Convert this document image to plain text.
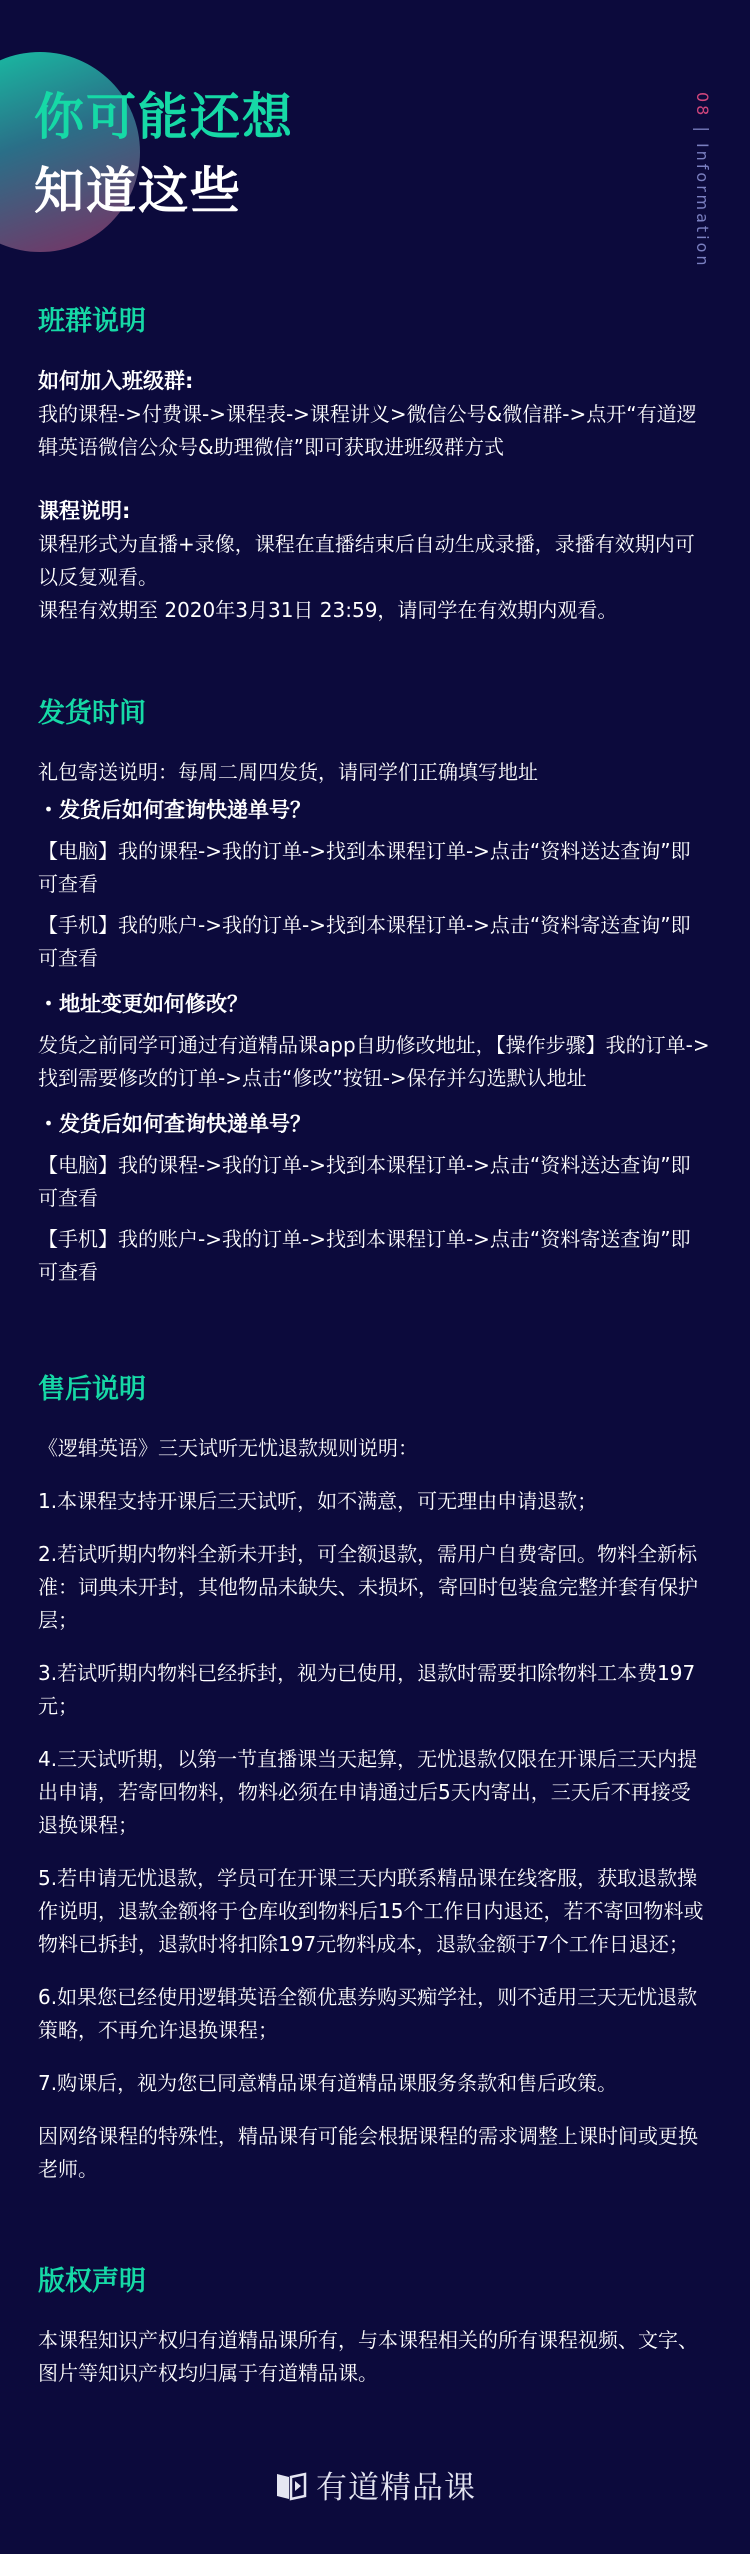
你可能还想
知道这些
08 | Information
班群说明
如何加入班级群:
我的课程->付费课->课程表->课程讲义>微信公号&微信群->点开“有道逻辑英语微信公众号&助理微信”即可获取进班级群方式
课程说明:
课程形式为直播+录像，课程在直播结束后自动生成录播，录播有效期内可以反复观看。
课程有效期至 2020年3月31日 23:59，请同学在有效期内观看。
发货时间
礼包寄送说明：每周二周四发货，请同学们正确填写地址
・发货后如何查询快递单号？
【电脑】我的课程->我的订单->找到本课程订单->点击“资料送达查询”即可查看
【手机】我的账户->我的订单->找到本课程订单->点击“资料寄送查询”即可查看
・地址变更如何修改？
发货之前同学可通过有道精品课app自助修改地址，【操作步骤】我的订单->找到需要修改的订单->点击“修改”按钮->保存并勾选默认地址
・发货后如何查询快递单号？
【电脑】我的课程->我的订单->找到本课程订单->点击“资料送达查询”即可查看
【手机】我的账户->我的订单->找到本课程订单->点击“资料寄送查询”即可查看
售后说明
《逻辑英语》三天试听无忧退款规则说明：
1.本课程支持开课后三天试听，如不满意，可无理由申请退款；
2.若试听期内物料全新未开封，可全额退款，需用户自费寄回。物料全新标准：词典未开封，其他物品未缺失、未损坏，寄回时包装盒完整并套有保护层；
3.若试听期内物料已经拆封，视为已使用，退款时需要扣除物料工本费197元；
4.三天试听期，以第一节直播课当天起算，无忧退款仅限在开课后三天内提出申请，若寄回物料，物料必须在申请通过后5天内寄出，三天后不再接受退换课程；
5.若申请无忧退款，学员可在开课三天内联系精品课在线客服，获取退款操作说明，退款金额将于仓库收到物料后15个工作日内退还，若不寄回物料或物料已拆封，退款时将扣除197元物料成本，退款金额于7个工作日退还；
6.如果您已经使用逻辑英语全额优惠券购买痴学社，则不适用三天无忧退款策略，不再允许退换课程；
7.购课后，视为您已同意精品课有道精品课服务条款和售后政策。
因网络课程的特殊性，精品课有可能会根据课程的需求调整上课时间或更换老师。
版权声明
本课程知识产权归有道精品课所有，与本课程相关的所有课程视频、文字、图片等知识产权均归属于有道精品课。
有道精品课
